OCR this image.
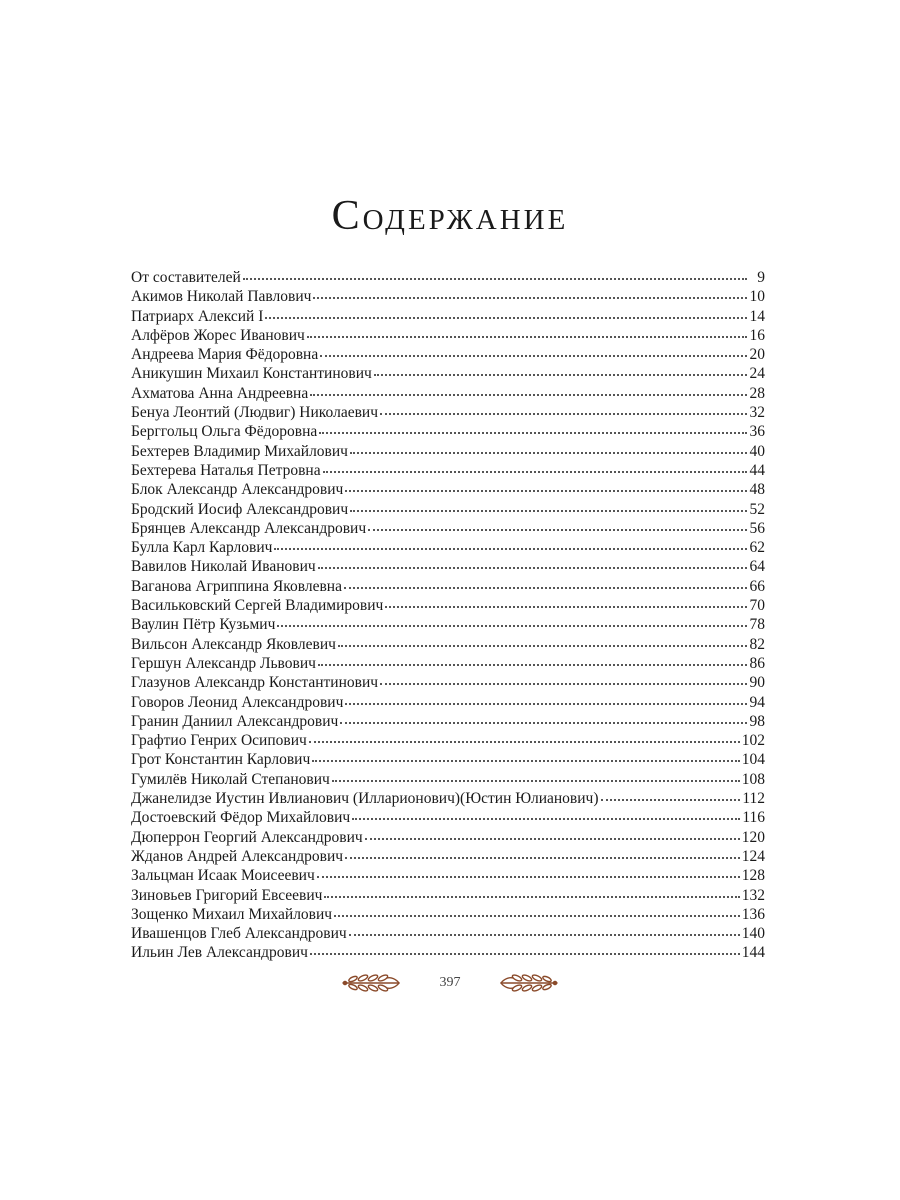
Содержание
От составителей	9
Акимов Николай Павлович	10
Патриарх Алексий I	14
Алфёров Жорес Иванович	16
Андреева Мария Фёдоровна	20
Аникушин Михаил Константинович	24
Ахматова Анна Андреевна	28
Бенуа Леонтий (Людвиг) Николаевич	32
Берггольц Ольга Фёдоровна	36
Бехтерев Владимир Михайлович	40
Бехтерева Наталья Петровна	44
Блок Александр Александрович	48
Бродский Иосиф Александрович	52
Брянцев Александр Александрович	56
Булла Карл Карлович	62
Вавилов Николай Иванович	64
Ваганова Агриппина Яковлевна	66
Васильковский Сергей Владимирович	70
Ваулин Пётр Кузьмич	78
Вильсон Александр Яковлевич	82
Гершун Александр Львович	86
Глазунов Александр Константинович	90
Говоров Леонид Александрович	94
Гранин Даниил Александрович	98
Графтио Генрих Осипович	102
Грот Константин Карлович	104
Гумилёв Николай Степанович	108
Джанелидзе Иустин Ивлианович (Илларионович)(Юстин Юлианович)	112
Достоевский Фёдор Михайлович	116
Дюперрон Георгий Александрович	120
Жданов Андрей Александрович	124
Зальцман Исаак Моисеевич	128
Зиновьев Григорий Евсеевич	132
Зощенко Михаил Михайлович	136
Ивашенцов Глеб Александрович	140
Ильин Лев Александрович	144
397
